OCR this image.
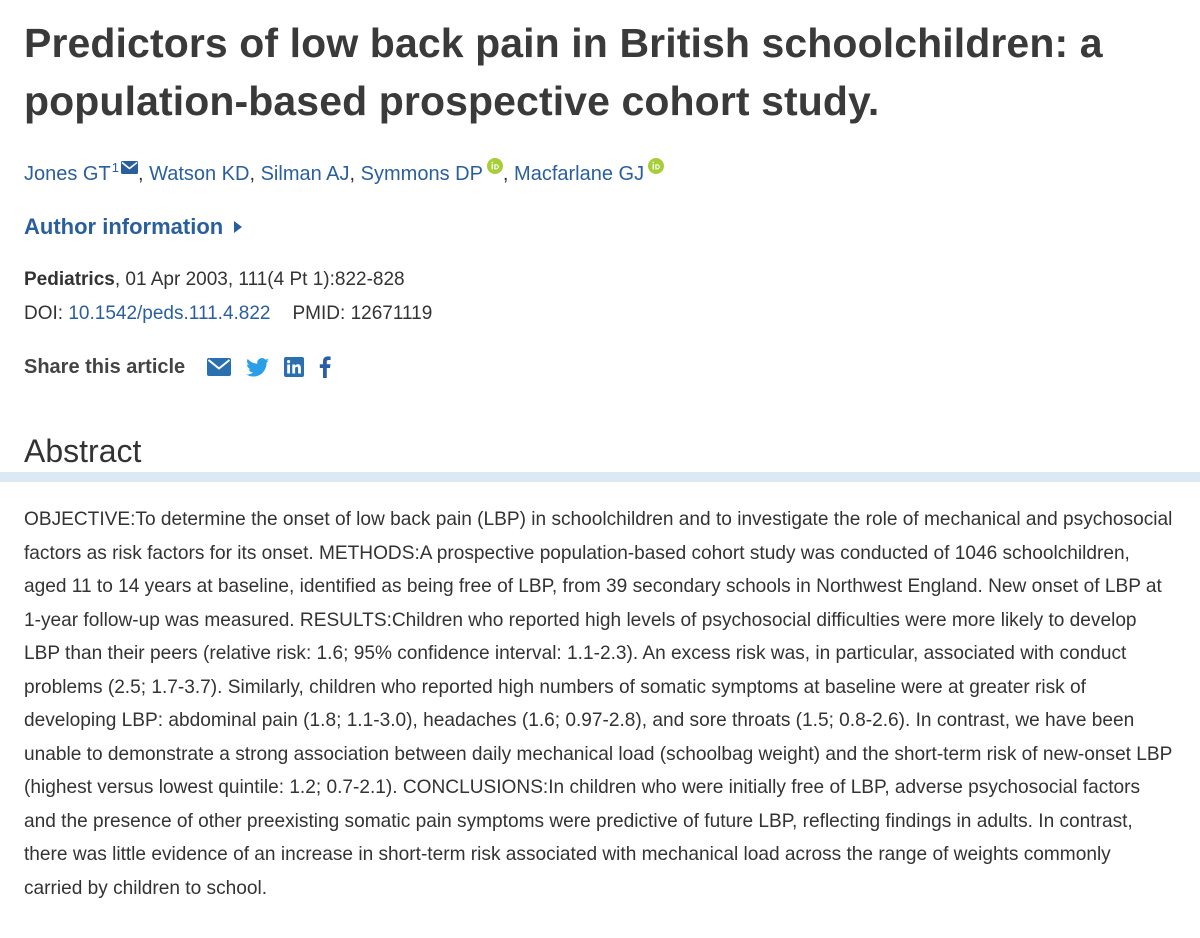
Predictors of low back pain in British schoolchildren: a population-based prospective cohort study.
Jones $GT^1$ , Watson KD, Silman AJ, Symmons DP , Macfarlane GJ
Author information
Pediatrics, 01 Apr 2003, 111(4 Pt 1):822-828
DOI: 10.1542/peds.111.4.822 PMID: 12671119
Share this article
Abstract

OBJECTIVE:To determine the onset of low back pain (LBP) in schoolchildren and to investigate the role of mechanical and psychosocial factors as risk factors for its onset. METHODS:A prospective population-based cohort study was conducted of 1046 schoolchildren, aged 11 to 14 years at baseline, identified as being free of LBP, from 39 secondary schools in Northwest England. New onset of LBP at 1-year follow-up was measured. RESULTS:Children who reported high levels of psychosocial difficulties were more likely to develop LBP than their peers (relative risk: 1.6; 95% confidence interval: 1.1-2.3). An excess risk was, in particular, associated with conduct problems (2.5; 1.7-3.7). Similarly, children who reported high numbers of somatic symptoms at baseline were at greater risk of developing LBP: abdominal pain (1.8; 1.1-3.0), headaches (1.6; 0.97-2.8), and sore throats (1.5; 0.8-2.6). In contrast, we have been unable to demonstrate a strong association between daily mechanical load (schoolbag weight) and the short-term risk of new-onset LBP (highest versus lowest quintile: 1.2; 0.7-2.1). CONCLUSIONS:In children who were initially free of LBP, adverse psychosocial factors and the presence of other preexisting somatic pain symptoms were predictive of future LBP, reflecting findings in adults. In contrast, there was little evidence of an increase in short-term risk associated with mechanical load across the range of weights commonly carried by children to school.
